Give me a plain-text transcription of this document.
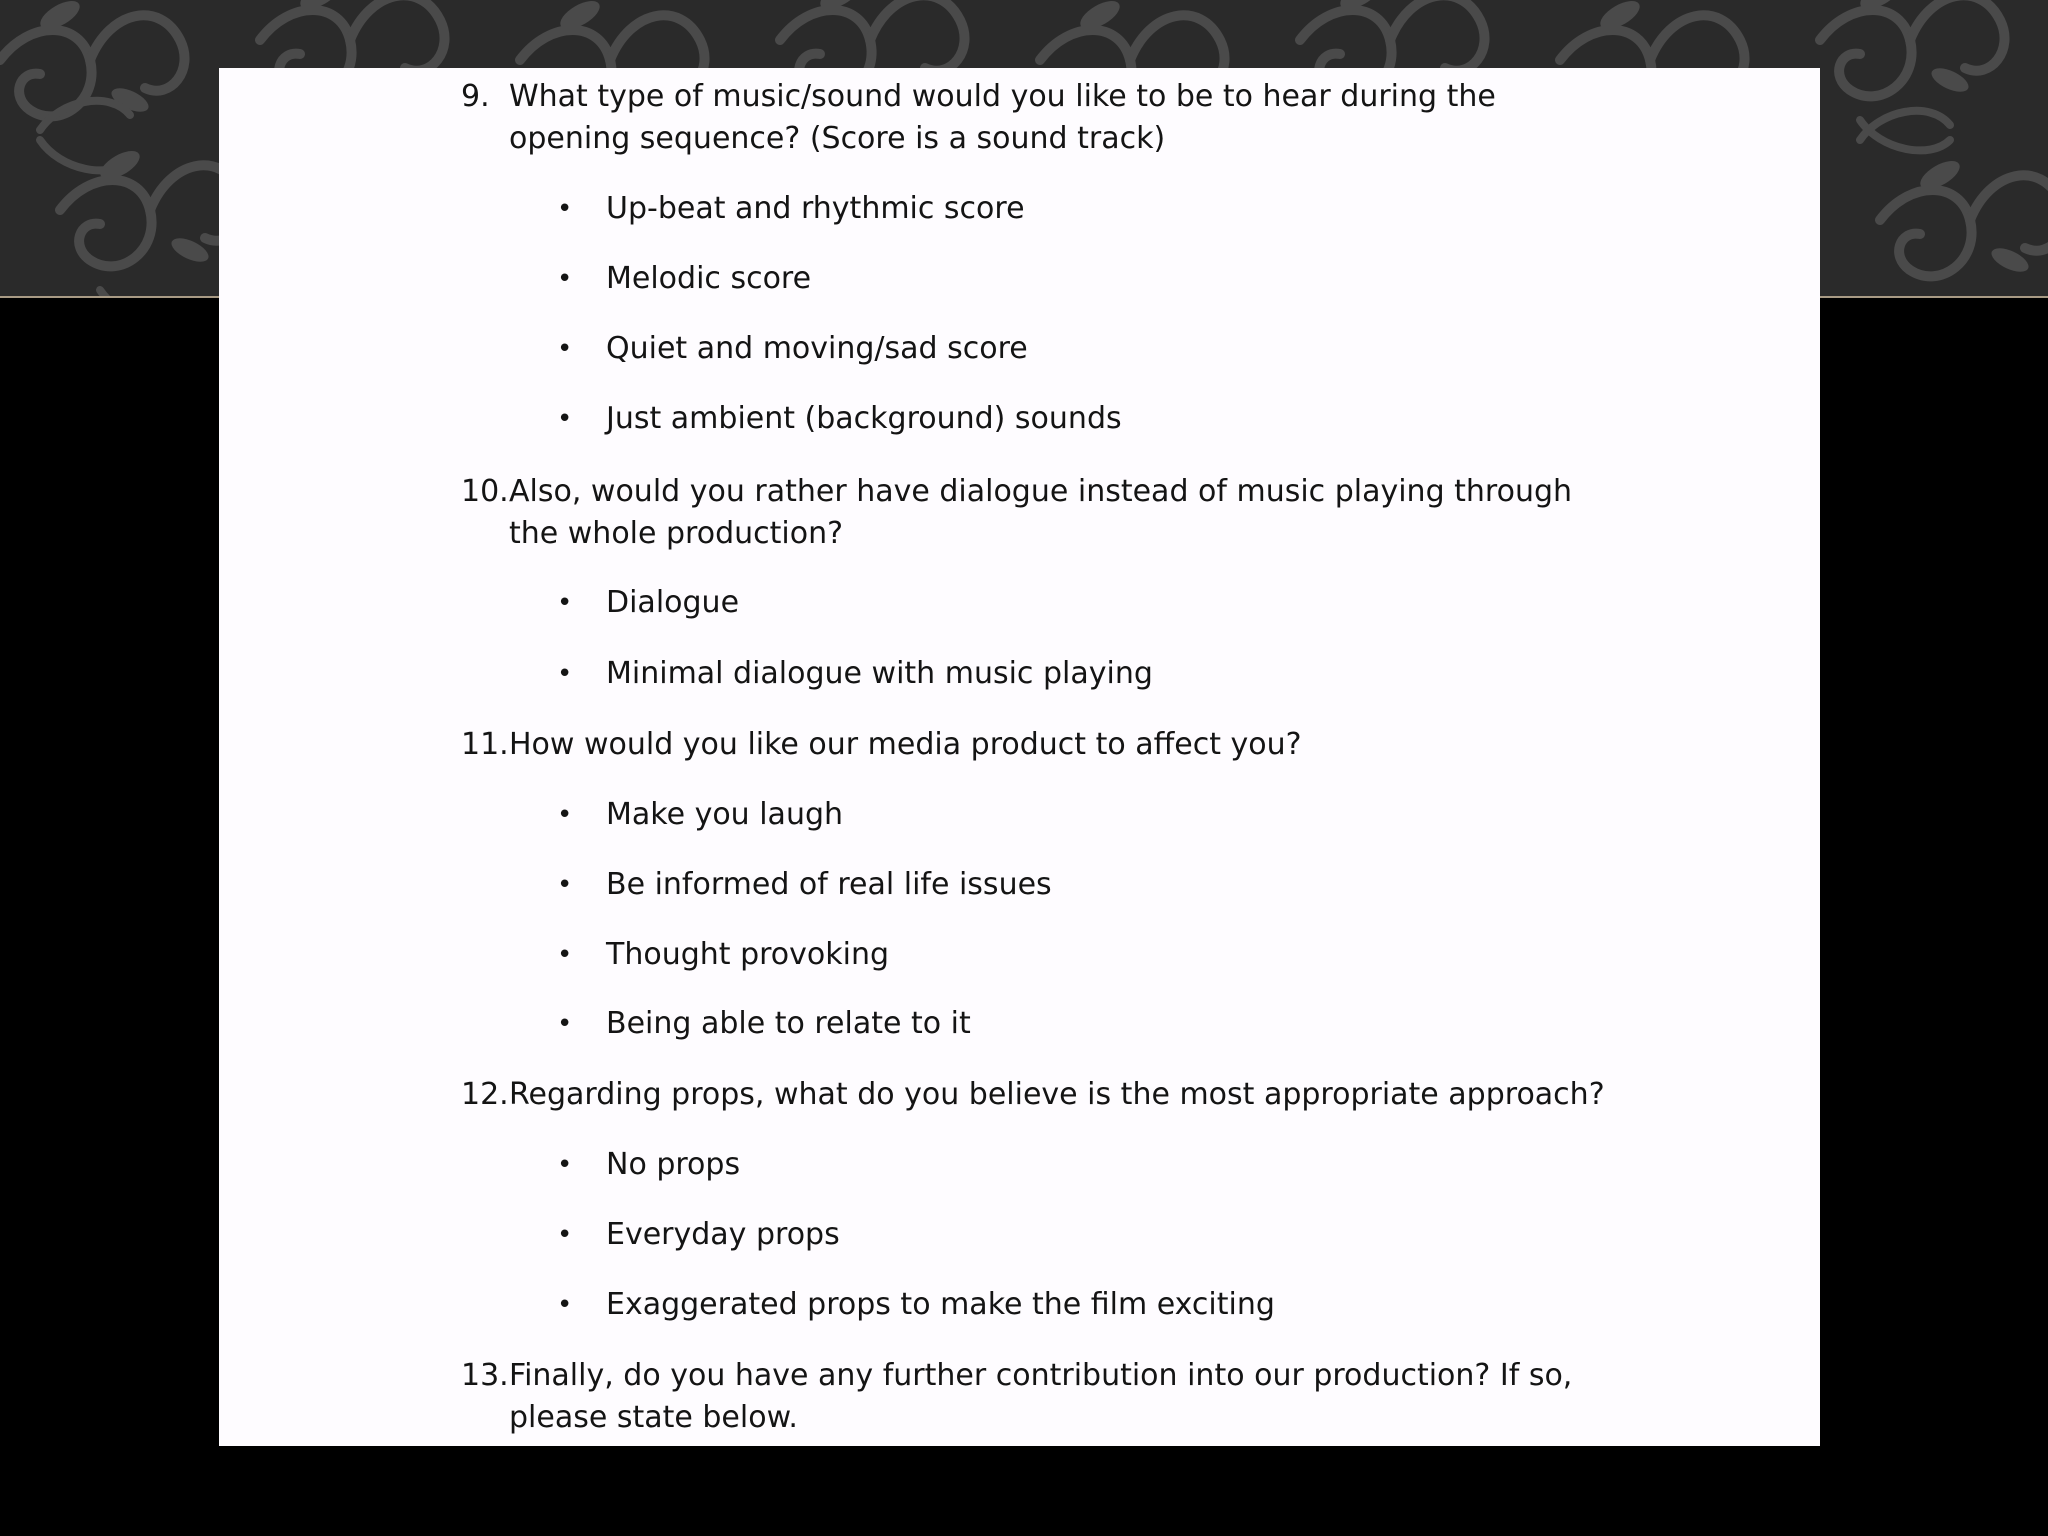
9. What type of music/sound would you like to be to hear during the opening sequence? (Score is a sound track)
• Up-beat and rhythmic score
• Melodic score
• Quiet and moving/sad score
• Just ambient (background) sounds
10. Also, would you rather have dialogue instead of music playing through the whole production?
• Dialogue
• Minimal dialogue with music playing
11. How would you like our media product to affect you?
• Make you laugh
• Be informed of real life issues
• Thought provoking
• Being able to relate to it
12. Regarding props, what do you believe is the most appropriate approach?
• No props
• Everyday props
• Exaggerated props to make the film exciting
13. Finally, do you have any further contribution into our production? If so, please state below.
